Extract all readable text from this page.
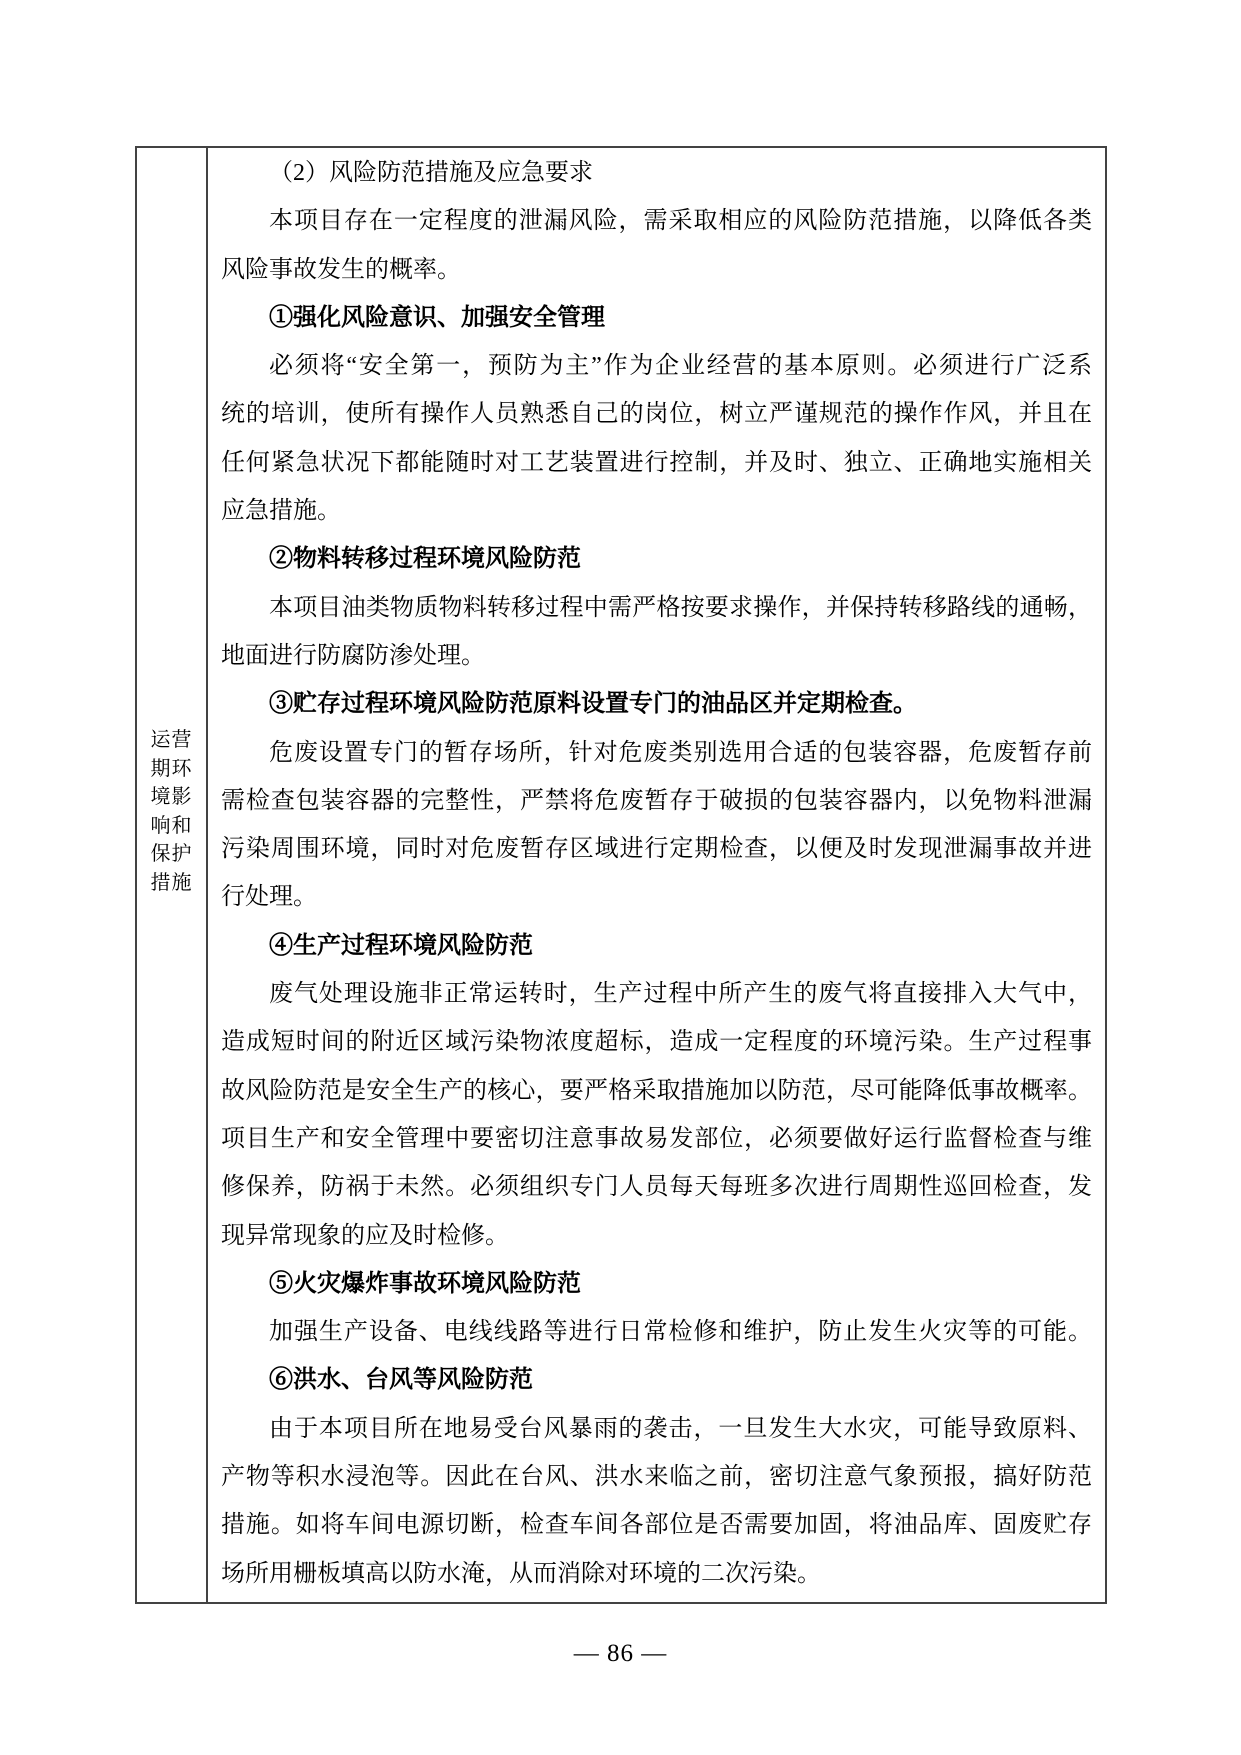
运营
期环
境影
响和
保护
措施
（2）风险防范措施及应急要求
本项目存在一定程度的泄漏风险，需采取相应的风险防范措施，以降低各类
风险事故发生的概率。
①强化风险意识、加强安全管理
必须将“安全第一，预防为主”作为企业经营的基本原则。必须进行广泛系
统的培训，使所有操作人员熟悉自己的岗位，树立严谨规范的操作作风，并且在
任何紧急状况下都能随时对工艺装置进行控制，并及时、独立、正确地实施相关
应急措施。
②物料转移过程环境风险防范
本项目油类物质物料转移过程中需严格按要求操作，并保持转移路线的通畅，
地面进行防腐防渗处理。
③贮存过程环境风险防范原料设置专门的油品区并定期检查。
危废设置专门的暂存场所，针对危废类别选用合适的包装容器，危废暂存前
需检查包装容器的完整性，严禁将危废暂存于破损的包装容器内，以免物料泄漏
污染周围环境，同时对危废暂存区域进行定期检查，以便及时发现泄漏事故并进
行处理。
④生产过程环境风险防范
废气处理设施非正常运转时，生产过程中所产生的废气将直接排入大气中，
造成短时间的附近区域污染物浓度超标，造成一定程度的环境污染。生产过程事
故风险防范是安全生产的核心，要严格采取措施加以防范，尽可能降低事故概率。
项目生产和安全管理中要密切注意事故易发部位，必须要做好运行监督检查与维
修保养，防祸于未然。必须组织专门人员每天每班多次进行周期性巡回检查，发
现异常现象的应及时检修。
⑤火灾爆炸事故环境风险防范
加强生产设备、电线线路等进行日常检修和维护，防止发生火灾等的可能。
⑥洪水、台风等风险防范
由于本项目所在地易受台风暴雨的袭击，一旦发生大水灾，可能导致原料、
产物等积水浸泡等。因此在台风、洪水来临之前，密切注意气象预报，搞好防范
措施。如将车间电源切断，检查车间各部位是否需要加固，将油品库、固废贮存
场所用栅板填高以防水淹，从而消除对环境的二次污染。
— 86 —
